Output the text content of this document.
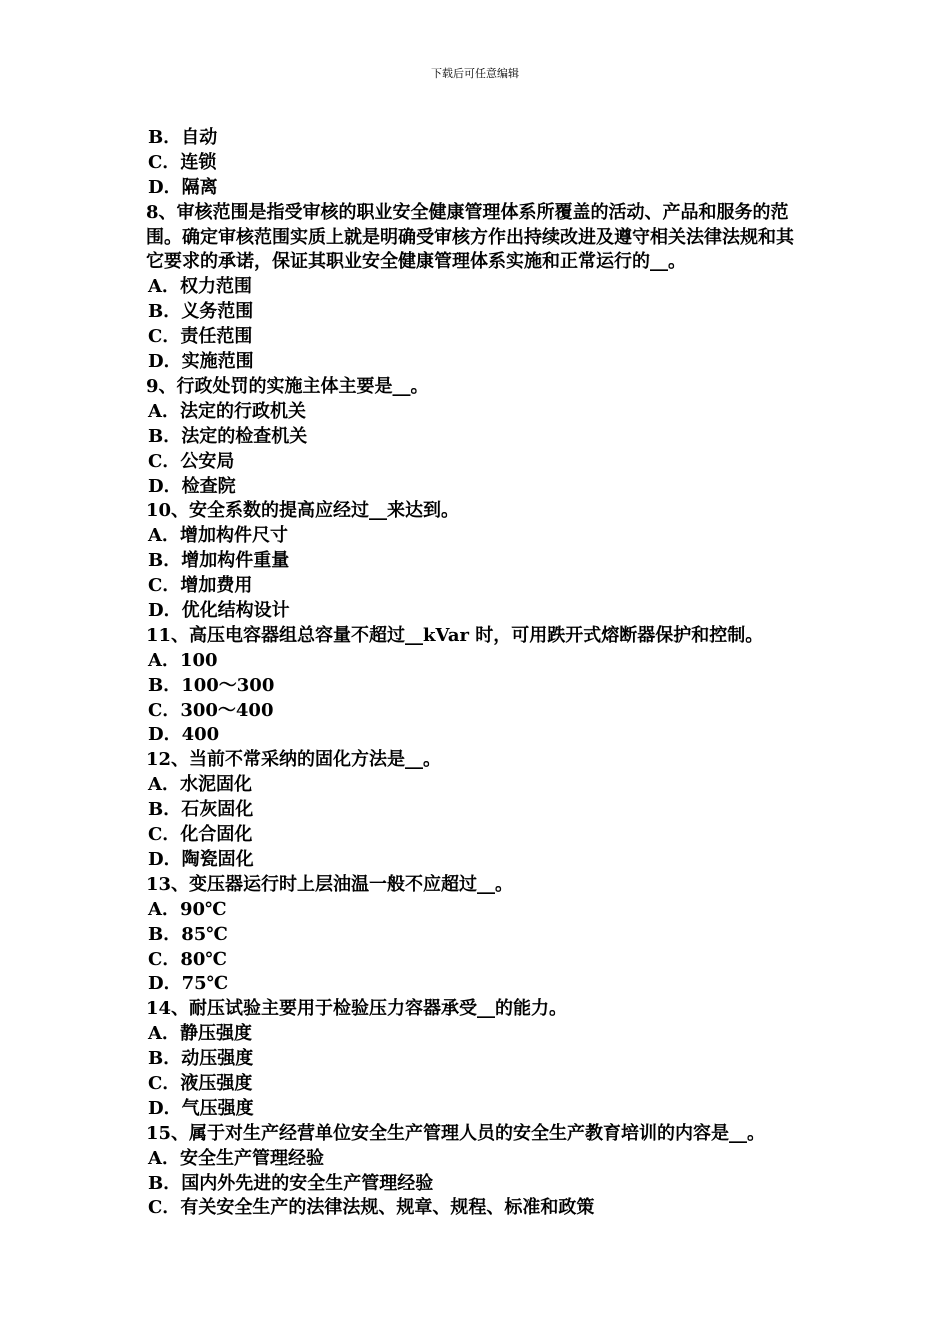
下载后可任意编辑

B．自动

C．连锁

D．隔离

8、审核范围是指受审核的职业安全健康管理体系所覆盖的活动、产品和服务的范围。确定审核范围实质上就是明确受审核方作出持续改进及遵守相关法律法规和其它要求的承诺，保证其职业安全健康管理体系实施和正常运行的__。

A．权力范围

B．义务范围

C．责任范围

D．实施范围

9、行政处罚的实施主体主要是__。

A．法定的行政机关

B．法定的检查机关

C．公安局

D．检查院

10、安全系数的提高应经过__来达到。

A．增加构件尺寸

B．增加构件重量

C．增加费用

D．优化结构设计

11、高压电容器组总容量不超过__kVar 时，可用跌开式熔断器保护和控制。

A．100

B．100～300

C．300～400

D．400

12、当前不常采纳的固化方法是__。

A．水泥固化

B．石灰固化

C．化合固化

D．陶瓷固化

13、变压器运行时上层油温一般不应超过__。

A．90℃

B．85℃

C．80℃

D．75℃

14、耐压试验主要用于检验压力容器承受__的能力。

A．静压强度

B．动压强度

C．液压强度

D．气压强度

15、属于对生产经营单位安全生产管理人员的安全生产教育培训的内容是__。

A．安全生产管理经验

B．国内外先进的安全生产管理经验

C．有关安全生产的法律法规、规章、规程、标准和政策
